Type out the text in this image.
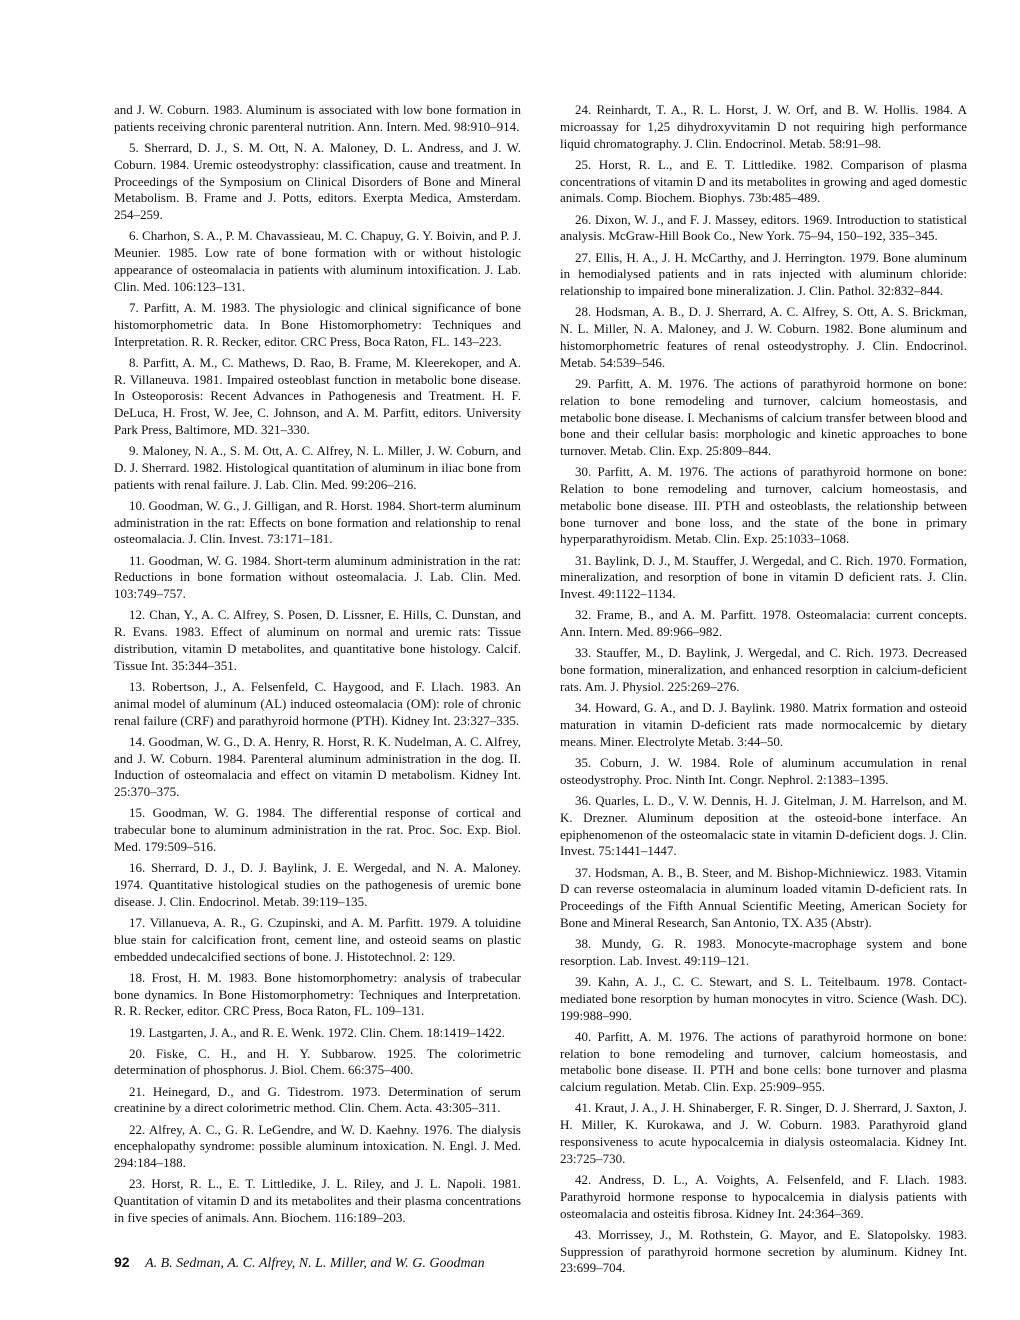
and J. W. Coburn. 1983. Aluminum is associated with low bone formation in patients receiving chronic parenteral nutrition. Ann. Intern. Med. 98:910–914.

5. Sherrard, D. J., S. M. Ott, N. A. Maloney, D. L. Andress, and J. W. Coburn. 1984. Uremic osteodystrophy: classification, cause and treatment. In Proceedings of the Symposium on Clinical Disorders of Bone and Mineral Metabolism. B. Frame and J. Potts, editors. Exerpta Medica, Amsterdam. 254–259.

6. Charhon, S. A., P. M. Chavassieau, M. C. Chapuy, G. Y. Boivin, and P. J. Meunier. 1985. Low rate of bone formation with or without histologic appearance of osteomalacia in patients with aluminum intoxification. J. Lab. Clin. Med. 106:123–131.

7. Parfitt, A. M. 1983. The physiologic and clinical significance of bone histomorphometric data. In Bone Histomorphometry: Techniques and Interpretation. R. R. Recker, editor. CRC Press, Boca Raton, FL. 143–223.

8. Parfitt, A. M., C. Mathews, D. Rao, B. Frame, M. Kleerekoper, and A. R. Villaneuva. 1981. Impaired osteoblast function in metabolic bone disease. In Osteoporosis: Recent Advances in Pathogenesis and Treatment. H. F. DeLuca, H. Frost, W. Jee, C. Johnson, and A. M. Parfitt, editors. University Park Press, Baltimore, MD. 321–330.

9. Maloney, N. A., S. M. Ott, A. C. Alfrey, N. L. Miller, J. W. Coburn, and D. J. Sherrard. 1982. Histological quantitation of aluminum in iliac bone from patients with renal failure. J. Lab. Clin. Med. 99:206–216.

10. Goodman, W. G., J. Gilligan, and R. Horst. 1984. Short-term aluminum administration in the rat: Effects on bone formation and relationship to renal osteomalacia. J. Clin. Invest. 73:171–181.

11. Goodman, W. G. 1984. Short-term aluminum administration in the rat: Reductions in bone formation without osteomalacia. J. Lab. Clin. Med. 103:749–757.

12. Chan, Y., A. C. Alfrey, S. Posen, D. Lissner, E. Hills, C. Dunstan, and R. Evans. 1983. Effect of aluminum on normal and uremic rats: Tissue distribution, vitamin D metabolites, and quantitative bone histology. Calcif. Tissue Int. 35:344–351.

13. Robertson, J., A. Felsenfeld, C. Haygood, and F. Llach. 1983. An animal model of aluminum (AL) induced osteomalacia (OM): role of chronic renal failure (CRF) and parathyroid hormone (PTH). Kidney Int. 23:327–335.

14. Goodman, W. G., D. A. Henry, R. Horst, R. K. Nudelman, A. C. Alfrey, and J. W. Coburn. 1984. Parenteral aluminum administration in the dog. II. Induction of osteomalacia and effect on vitamin D metabolism. Kidney Int. 25:370–375.

15. Goodman, W. G. 1984. The differential response of cortical and trabecular bone to aluminum administration in the rat. Proc. Soc. Exp. Biol. Med. 179:509–516.

16. Sherrard, D. J., D. J. Baylink, J. E. Wergedal, and N. A. Maloney. 1974. Quantitative histological studies on the pathogenesis of uremic bone disease. J. Clin. Endocrinol. Metab. 39:119–135.

17. Villanueva, A. R., G. Czupinski, and A. M. Parfitt. 1979. A toluidine blue stain for calcification front, cement line, and osteoid seams on plastic embedded undecalcified sections of bone. J. Histotechnol. 2: 129.

18. Frost, H. M. 1983. Bone histomorphometry: analysis of trabecular bone dynamics. In Bone Histomorphometry: Techniques and Interpretation. R. R. Recker, editor. CRC Press, Boca Raton, FL. 109–131.

19. Lastgarten, J. A., and R. E. Wenk. 1972. Clin. Chem. 18:1419–1422.

20. Fiske, C. H., and H. Y. Subbarow. 1925. The colorimetric determination of phosphorus. J. Biol. Chem. 66:375–400.

21. Heinegard, D., and G. Tidestrom. 1973. Determination of serum creatinine by a direct colorimetric method. Clin. Chem. Acta. 43:305–311.

22. Alfrey, A. C., G. R. LeGendre, and W. D. Kaehny. 1976. The dialysis encephalopathy syndrome: possible aluminum intoxication. N. Engl. J. Med. 294:184–188.

23. Horst, R. L., E. T. Littledike, J. L. Riley, and J. L. Napoli. 1981. Quantitation of vitamin D and its metabolites and their plasma concentrations in five species of animals. Ann. Biochem. 116:189–203.

24. Reinhardt, T. A., R. L. Horst, J. W. Orf, and B. W. Hollis. 1984. A microassay for 1,25 dihydroxyvitamin D not requiring high performance liquid chromatography. J. Clin. Endocrinol. Metab. 58:91–98.

25. Horst, R. L., and E. T. Littledike. 1982. Comparison of plasma concentrations of vitamin D and its metabolites in growing and aged domestic animals. Comp. Biochem. Biophys. 73b:485–489.

26. Dixon, W. J., and F. J. Massey, editors. 1969. Introduction to statistical analysis. McGraw-Hill Book Co., New York. 75–94, 150–192, 335–345.

27. Ellis, H. A., J. H. McCarthy, and J. Herrington. 1979. Bone aluminum in hemodialysed patients and in rats injected with aluminum chloride: relationship to impaired bone mineralization. J. Clin. Pathol. 32:832–844.

28. Hodsman, A. B., D. J. Sherrard, A. C. Alfrey, S. Ott, A. S. Brickman, N. L. Miller, N. A. Maloney, and J. W. Coburn. 1982. Bone aluminum and histomorphometric features of renal osteodystrophy. J. Clin. Endocrinol. Metab. 54:539–546.

29. Parfitt, A. M. 1976. The actions of parathyroid hormone on bone: relation to bone remodeling and turnover, calcium homeostasis, and metabolic bone disease. I. Mechanisms of calcium transfer between blood and bone and their cellular basis: morphologic and kinetic approaches to bone turnover. Metab. Clin. Exp. 25:809–844.

30. Parfitt, A. M. 1976. The actions of parathyroid hormone on bone: Relation to bone remodeling and turnover, calcium homeostasis, and metabolic bone disease. III. PTH and osteoblasts, the relationship between bone turnover and bone loss, and the state of the bone in primary hyperparathyroidism. Metab. Clin. Exp. 25:1033–1068.

31. Baylink, D. J., M. Stauffer, J. Wergedal, and C. Rich. 1970. Formation, mineralization, and resorption of bone in vitamin D deficient rats. J. Clin. Invest. 49:1122–1134.

32. Frame, B., and A. M. Parfitt. 1978. Osteomalacia: current concepts. Ann. Intern. Med. 89:966–982.

33. Stauffer, M., D. Baylink, J. Wergedal, and C. Rich. 1973. Decreased bone formation, mineralization, and enhanced resorption in calcium-deficient rats. Am. J. Physiol. 225:269–276.

34. Howard, G. A., and D. J. Baylink. 1980. Matrix formation and osteoid maturation in vitamin D-deficient rats made normocalcemic by dietary means. Miner. Electrolyte Metab. 3:44–50.

35. Coburn, J. W. 1984. Role of aluminum accumulation in renal osteodystrophy. Proc. Ninth Int. Congr. Nephrol. 2:1383–1395.

36. Quarles, L. D., V. W. Dennis, H. J. Gitelman, J. M. Harrelson, and M. K. Drezner. Aluminum deposition at the osteoid-bone interface. An epiphenomenon of the osteomalacic state in vitamin D-deficient dogs. J. Clin. Invest. 75:1441–1447.

37. Hodsman, A. B., B. Steer, and M. Bishop-Michniewicz. 1983. Vitamin D can reverse osteomalacia in aluminum loaded vitamin D-deficient rats. In Proceedings of the Fifth Annual Scientific Meeting, American Society for Bone and Mineral Research, San Antonio, TX. A35 (Abstr).

38. Mundy, G. R. 1983. Monocyte-macrophage system and bone resorption. Lab. Invest. 49:119–121.

39. Kahn, A. J., C. C. Stewart, and S. L. Teitelbaum. 1978. Contact-mediated bone resorption by human monocytes in vitro. Science (Wash. DC). 199:988–990.

40. Parfitt, A. M. 1976. The actions of parathyroid hormone on bone: relation to bone remodeling and turnover, calcium homeostasis, and metabolic bone disease. II. PTH and bone cells: bone turnover and plasma calcium regulation. Metab. Clin. Exp. 25:909–955.

41. Kraut, J. A., J. H. Shinaberger, F. R. Singer, D. J. Sherrard, J. Saxton, J. H. Miller, K. Kurokawa, and J. W. Coburn. 1983. Parathyroid gland responsiveness to acute hypocalcemia in dialysis osteomalacia. Kidney Int. 23:725–730.

42. Andress, D. L., A. Voights, A. Felsenfeld, and F. Llach. 1983. Parathyroid hormone response to hypocalcemia in dialysis patients with osteomalacia and osteitis fibrosa. Kidney Int. 24:364–369.

43. Morrissey, J., M. Rothstein, G. Mayor, and E. Slatopolsky. 1983. Suppression of parathyroid hormone secretion by aluminum. Kidney Int. 23:699–704.

92 A. B. Sedman, A. C. Alfrey, N. L. Miller, and W. G. Goodman
